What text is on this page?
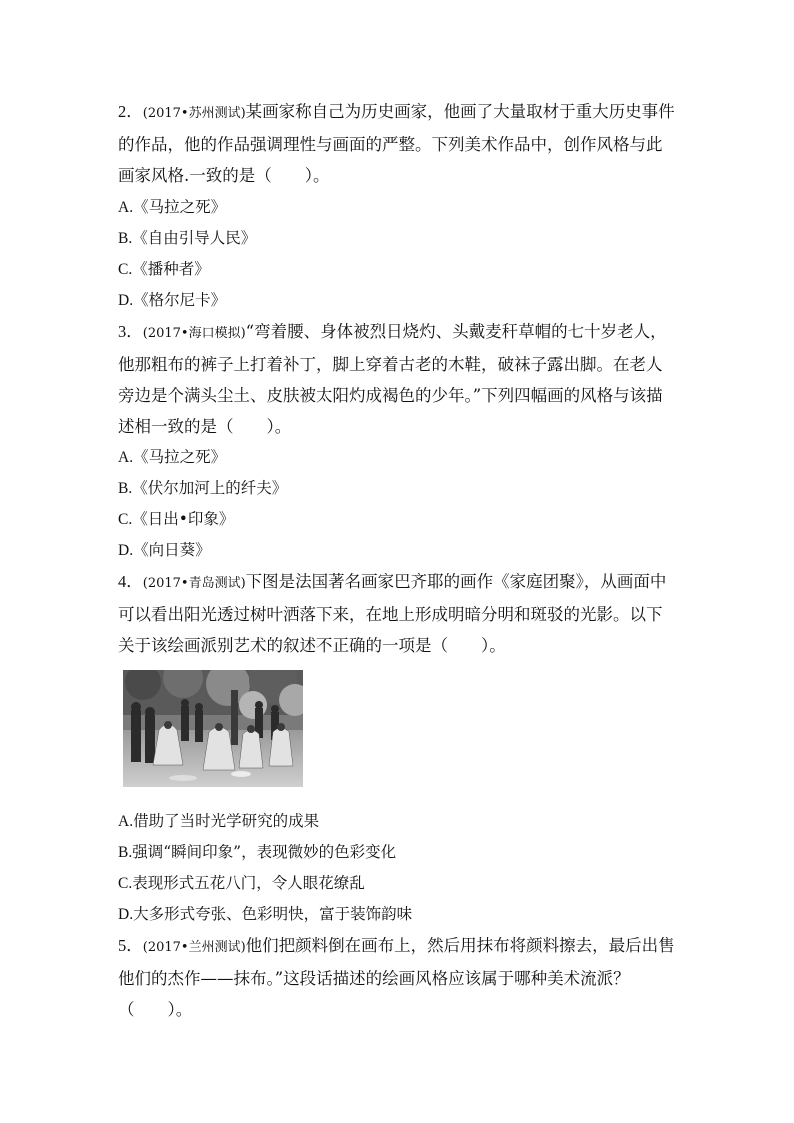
2．(2017•苏州测试)某画家称自己为历史画家，他画了大量取材于重大历史事件的作品，他的作品强调理性与画面的严整。下列美术作品中，创作风格与此画家风格.一致的是（　　）。
A.《马拉之死》
B.《自由引导人民》
C.《播种者》
D.《格尔尼卡》
3．(2017•海口模拟)“弯着腰、身体被烈日烧灼、头戴麦秆草帽的七十岁老人，他那粗布的裤子上打着补丁，脚上穿着古老的木鞋，破袜子露出脚。在老人旁边是个满头尘土、皮肤被太阳灼成褐色的少年。”下列四幅画的风格与该描述相一致的是（　　）。
A.《马拉之死》
B.《伏尔加河上的纤夫》
C.《日出•印象》
D.《向日葵》
4．(2017•青岛测试)下图是法国著名画家巴齐耶的画作《家庭团聚》，从画面中可以看出阳光透过树叶洒落下来，在地上形成明暗分明和斑驳的光影。以下关于该绘画派别艺术的叙述不正确的一项是（　　）。
A.借助了当时光学研究的成果
B.强调“瞬间印象”，表现微妙的色彩变化
C.表现形式五花八门，令人眼花缭乱
D.大多形式夸张、色彩明快，富于装饰韵味
5．(2017•兰州测试)他们把颜料倒在画布上，然后用抹布将颜料擦去，最后出售他们的杰作——抹布。”这段话描述的绘画风格应该属于哪种美术流派？（　　）。
